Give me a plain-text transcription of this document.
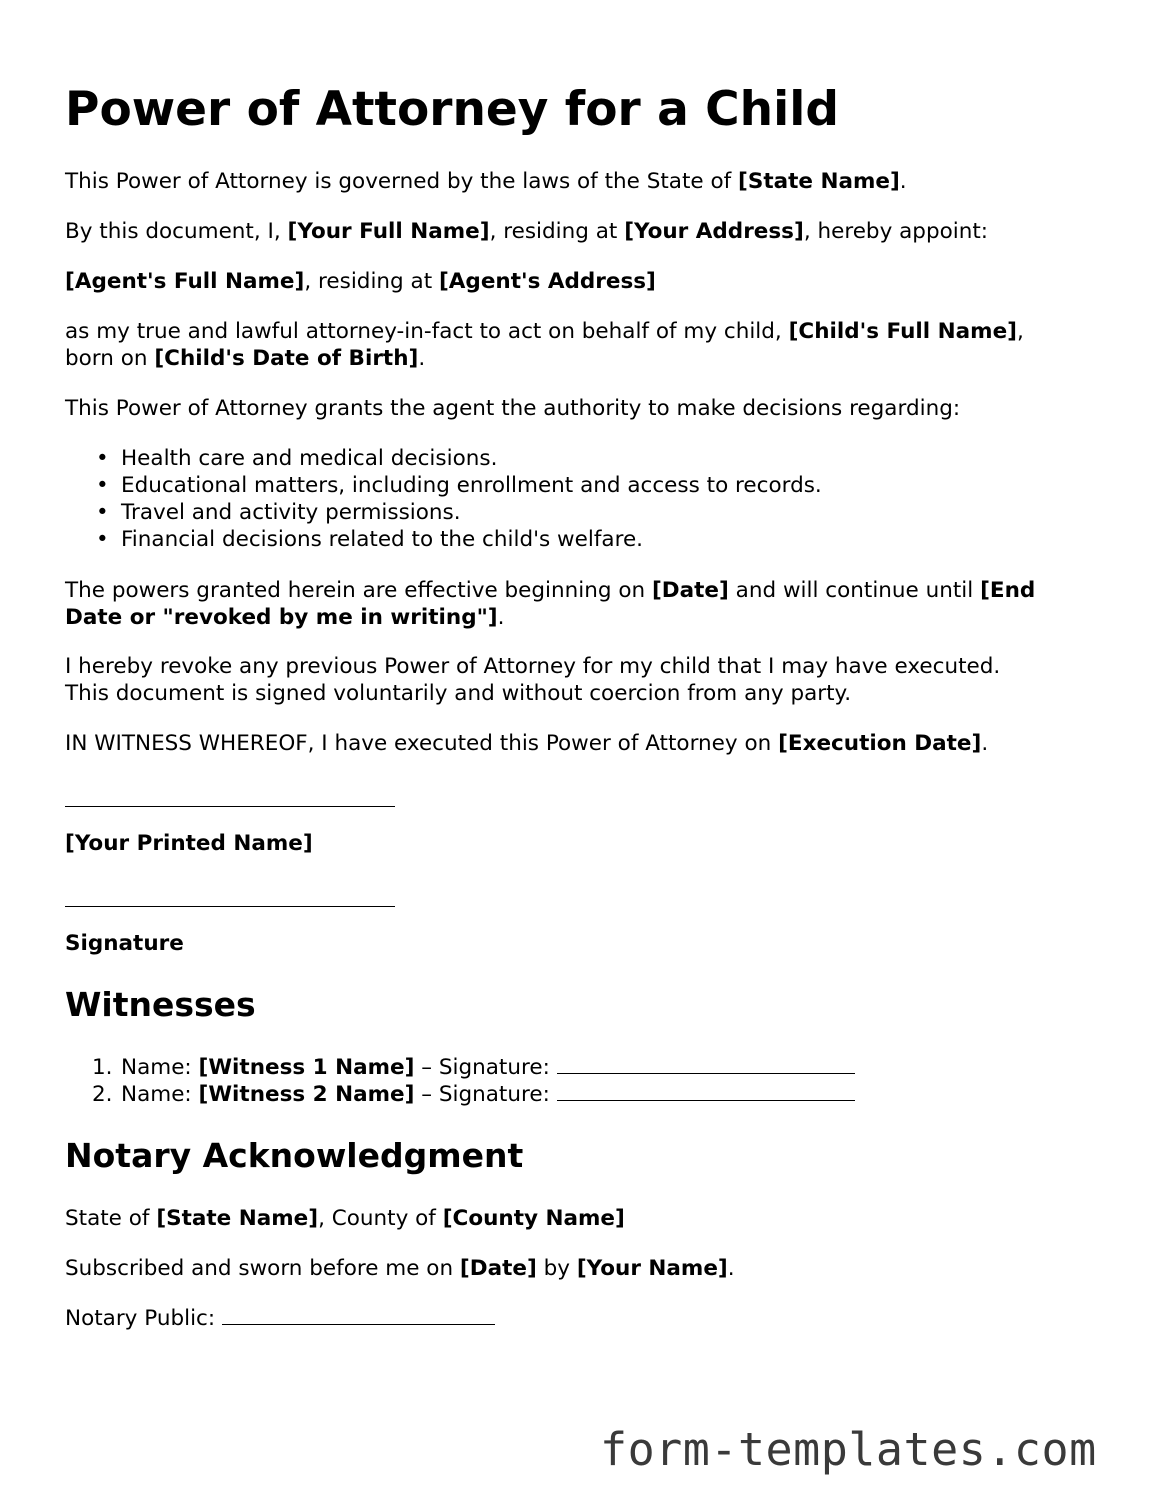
Power of Attorney for a Child

This Power of Attorney is governed by the laws of the State of [State Name].

By this document, I, [Your Full Name], residing at [Your Address], hereby appoint:

[Agent's Full Name], residing at [Agent's Address]

as my true and lawful attorney-in-fact to act on behalf of my child, [Child's Full Name],
born on [Child's Date of Birth].

This Power of Attorney grants the agent the authority to make decisions regarding:

• Health care and medical decisions.
• Educational matters, including enrollment and access to records.
• Travel and activity permissions.
• Financial decisions related to the child's welfare.

The powers granted herein are effective beginning on [Date] and will continue until [End
Date or "revoked by me in writing"].

I hereby revoke any previous Power of Attorney for my child that I may have executed.
This document is signed voluntarily and without coercion from any party.

IN WITNESS WHEREOF, I have executed this Power of Attorney on [Execution Date].

[Your Printed Name]

Signature

Witnesses
1. Name: [Witness 1 Name] – Signature:
2. Name: [Witness 2 Name] – Signature:
Notary Acknowledgment

State of [State Name], County of [County Name]

Subscribed and sworn before me on [Date] by [Your Name].

Notary Public:

form-templates.com
